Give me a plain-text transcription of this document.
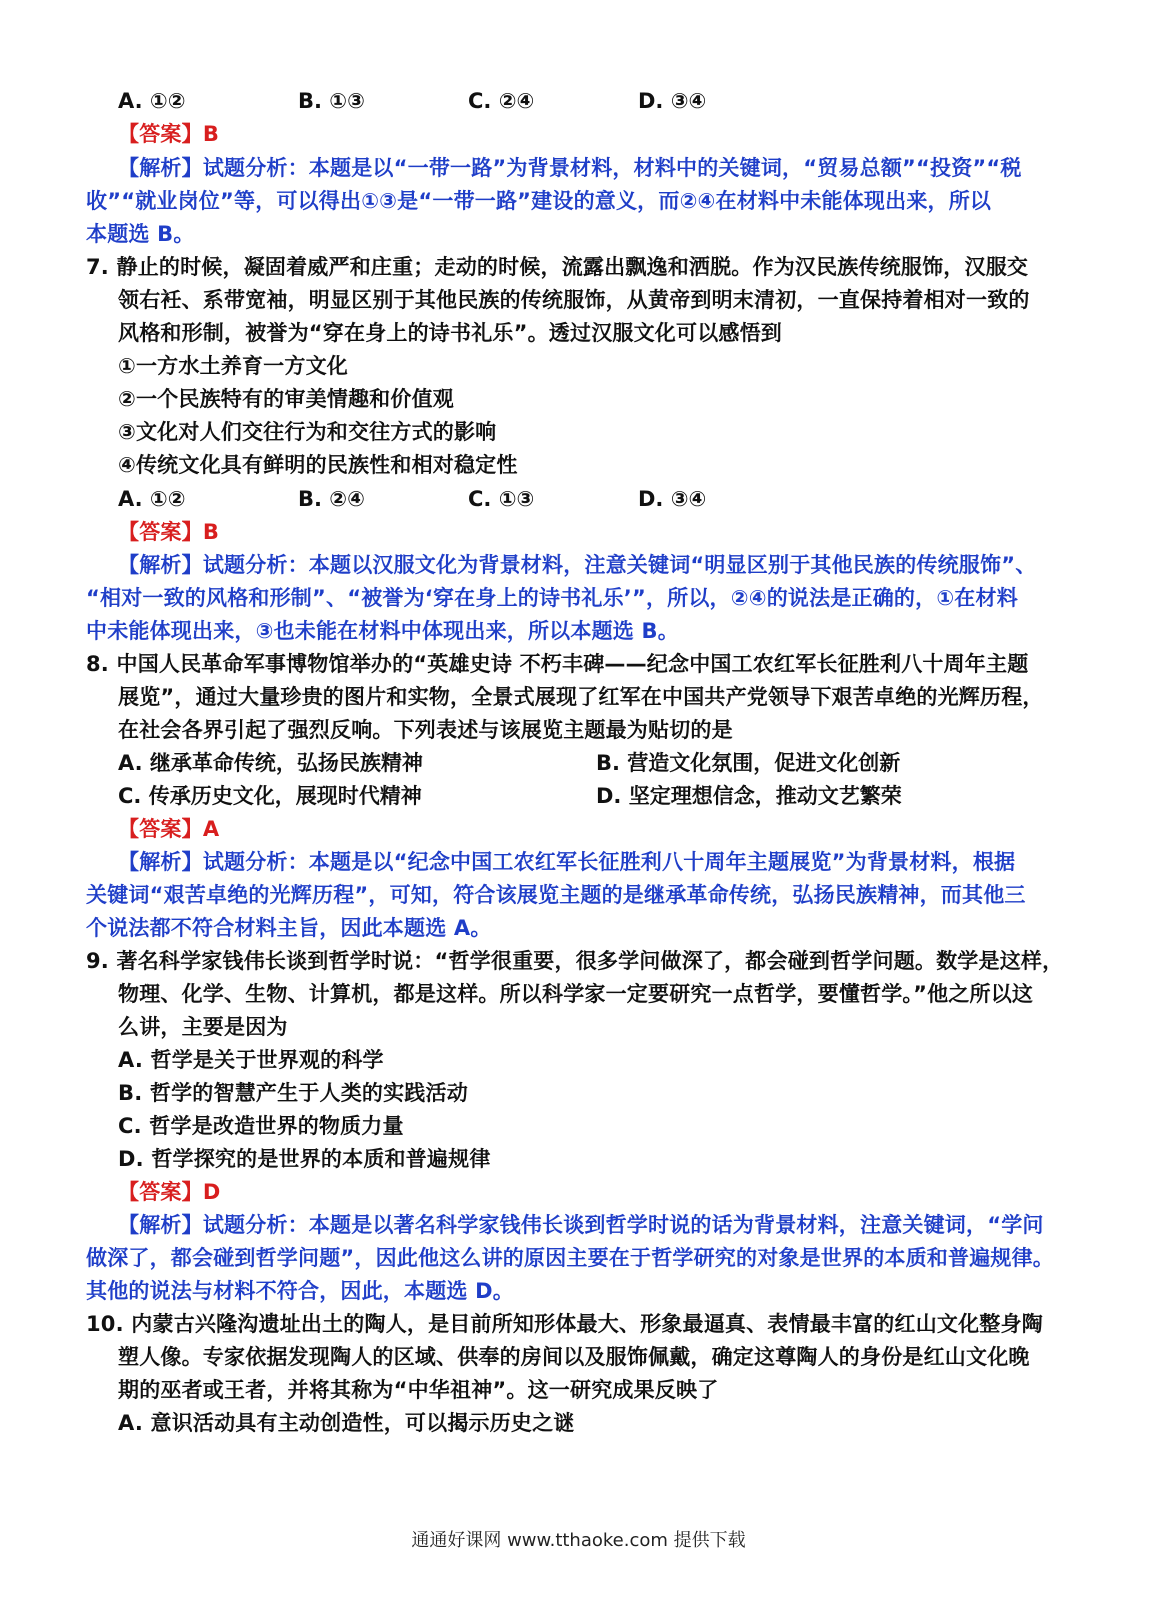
A. ①②	B. ①③	C. ②④	D. ③④
【答案】B
【解析】试题分析：本题是以“一带一路”为背景材料，材料中的关键词，“贸易总额”“投资”“税
收”“就业岗位”等，可以得出①③是“一带一路”建设的意义，而②④在材料中未能体现出来，所以
本题选 B。
7. 静止的时候，凝固着威严和庄重；走动的时候，流露出飘逸和洒脱。作为汉民族传统服饰，汉服交
领右衽、系带宽袖，明显区别于其他民族的传统服饰，从黄帝到明末清初，一直保持着相对一致的
风格和形制，被誉为“穿在身上的诗书礼乐”。透过汉服文化可以感悟到
①一方水土养育一方文化
②一个民族特有的审美情趣和价值观
③文化对人们交往行为和交往方式的影响
④传统文化具有鲜明的民族性和相对稳定性
A. ①②	B. ②④	C. ①③	D. ③④
【答案】B
【解析】试题分析：本题以汉服文化为背景材料，注意关键词“明显区别于其他民族的传统服饰”、
“相对一致的风格和形制”、“被誉为‘穿在身上的诗书礼乐’”，所以，②④的说法是正确的，①在材料
中未能体现出来，③也未能在材料中体现出来，所以本题选 B。
8. 中国人民革命军事博物馆举办的“英雄史诗 不朽丰碑——纪念中国工农红军长征胜利八十周年主题
展览”，通过大量珍贵的图片和实物，全景式展现了红军在中国共产党领导下艰苦卓绝的光辉历程，
在社会各界引起了强烈反响。下列表述与该展览主题最为贴切的是
A. 继承革命传统，弘扬民族精神	B. 营造文化氛围，促进文化创新
C. 传承历史文化，展现时代精神	D. 坚定理想信念，推动文艺繁荣
【答案】A
【解析】试题分析：本题是以“纪念中国工农红军长征胜利八十周年主题展览”为背景材料，根据
关键词“艰苦卓绝的光辉历程”，可知，符合该展览主题的是继承革命传统，弘扬民族精神，而其他三
个说法都不符合材料主旨，因此本题选 A。
9. 著名科学家钱伟长谈到哲学时说：“哲学很重要，很多学问做深了，都会碰到哲学问题。数学是这样，
物理、化学、生物、计算机，都是这样。所以科学家一定要研究一点哲学，要懂哲学。”他之所以这
么讲，主要是因为
A. 哲学是关于世界观的科学
B. 哲学的智慧产生于人类的实践活动
C. 哲学是改造世界的物质力量
D. 哲学探究的是世界的本质和普遍规律
【答案】D
【解析】试题分析：本题是以著名科学家钱伟长谈到哲学时说的话为背景材料，注意关键词，“学问
做深了，都会碰到哲学问题”，因此他这么讲的原因主要在于哲学研究的对象是世界的本质和普遍规律。
其他的说法与材料不符合，因此，本题选 D。
10. 内蒙古兴隆沟遗址出土的陶人，是目前所知形体最大、形象最逼真、表情最丰富的红山文化整身陶
塑人像。专家依据发现陶人的区域、供奉的房间以及服饰佩戴，确定这尊陶人的身份是红山文化晚
期的巫者或王者，并将其称为“中华祖神”。这一研究成果反映了
A. 意识活动具有主动创造性，可以揭示历史之谜
通通好课网 www.tthaoke.com 提供下载
